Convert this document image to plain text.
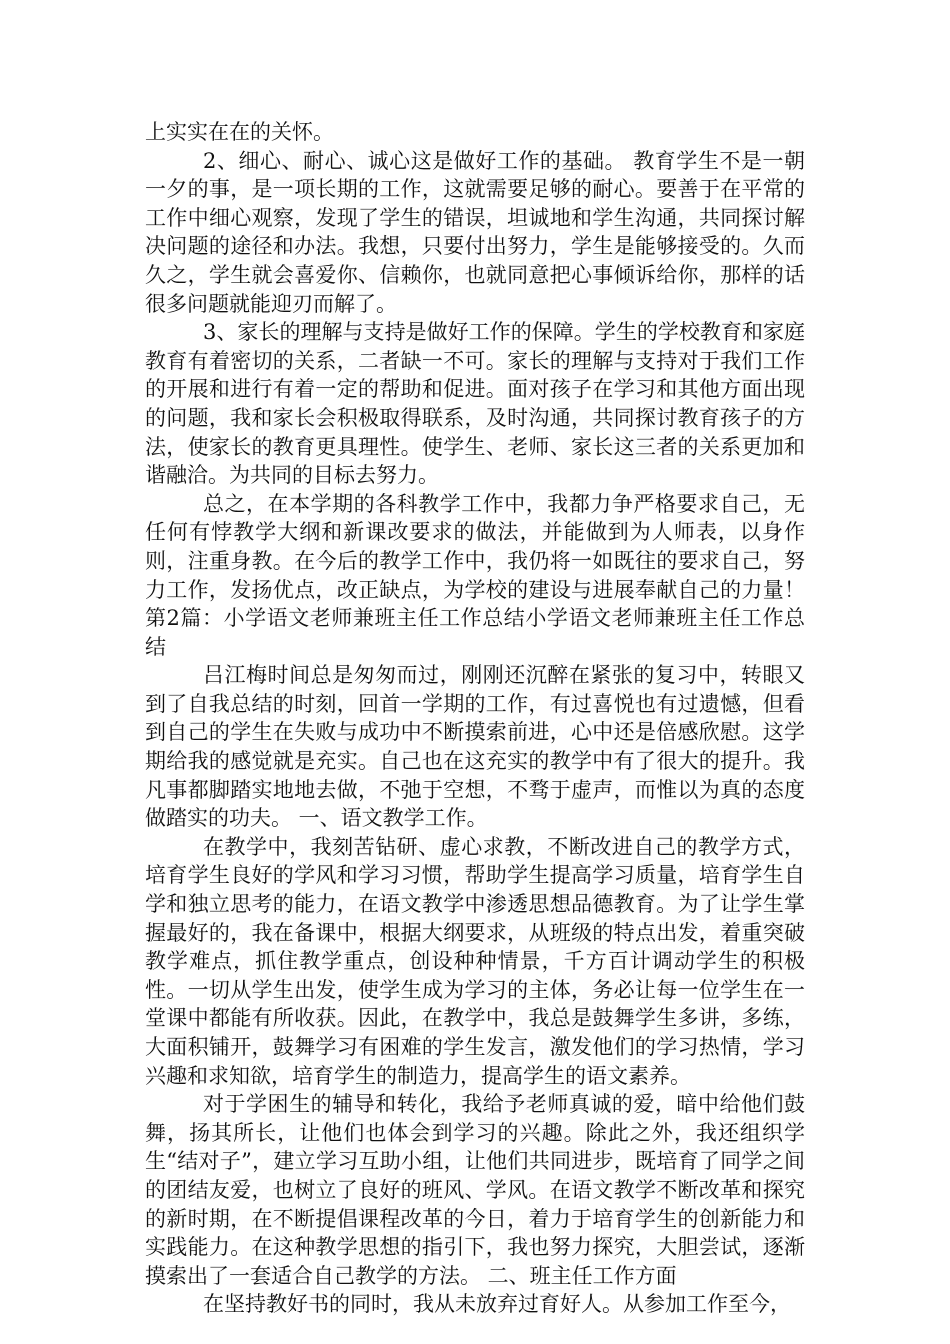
上实实在在的关怀。

2、细心、耐心、诚心这是做好工作的基础。 教育学生不是一朝一夕的事，是一项长期的工作，这就需要足够的耐心。要善于在平常的工作中细心观察，发现了学生的错误，坦诚地和学生沟通，共同探讨解决问题的途径和办法。我想，只要付出努力，学生是能够接受的。久而久之，学生就会喜爱你、信赖你，也就同意把心事倾诉给你，那样的话很多问题就能迎刃而解了。

3、家长的理解与支持是做好工作的保障。学生的学校教育和家庭教育有着密切的关系，二者缺一不可。家长的理解与支持对于我们工作的开展和进行有着一定的帮助和促进。面对孩子在学习和其他方面出现的问题，我和家长会积极取得联系，及时沟通，共同探讨教育孩子的方法，使家长的教育更具理性。使学生、老师、家长这三者的关系更加和谐融洽。为共同的目标去努力。

总之，在本学期的各科教学工作中，我都力争严格要求自己，无任何有悖教学大纲和新课改要求的做法，并能做到为人师表，以身作则，注重身教。在今后的教学工作中，我仍将一如既往的要求自己，努力工作，发扬优点，改正缺点，为学校的建设与进展奉献自己的力量！第2篇：小学语文老师兼班主任工作总结小学语文老师兼班主任工作总结

吕江梅时间总是匆匆而过，刚刚还沉醉在紧张的复习中，转眼又到了自我总结的时刻，回首一学期的工作，有过喜悦也有过遗憾，但看到自己的学生在失败与成功中不断摸索前进，心中还是倍感欣慰。这学期给我的感觉就是充实。自己也在这充实的教学中有了很大的提升。我凡事都脚踏实地地去做，不弛于空想，不骛于虚声，而惟以为真的态度做踏实的功夫。 一、语文教学工作。

在教学中，我刻苦钻研、虚心求教，不断改进自己的教学方式，培育学生良好的学风和学习习惯，帮助学生提高学习质量，培育学生自学和独立思考的能力，在语文教学中渗透思想品德教育。为了让学生掌握最好的，我在备课中，根据大纲要求，从班级的特点出发，着重突破教学难点，抓住教学重点，创设种种情景，千方百计调动学生的积极性。一切从学生出发，使学生成为学习的主体，务必让每一位学生在一堂课中都能有所收获。因此，在教学中，我总是鼓舞学生多讲，多练，大面积铺开，鼓舞学习有困难的学生发言，激发他们的学习热情，学习兴趣和求知欲，培育学生的制造力，提高学生的语文素养。

对于学困生的辅导和转化，我给予老师真诚的爱，暗中给他们鼓舞，扬其所长，让他们也体会到学习的兴趣。除此之外，我还组织学生“结对子”，建立学习互助小组，让他们共同进步，既培育了同学之间的团结友爱，也树立了良好的班风、学风。在语文教学不断改革和探究的新时期，在不断提倡课程改革的今日，着力于培育学生的创新能力和实践能力。在这种教学思想的指引下，我也努力探究，大胆尝试，逐渐摸索出了一套适合自己教学的方法。 二、班主任工作方面

在坚持教好书的同时，我从未放弃过育好人。从参加工作至今，
